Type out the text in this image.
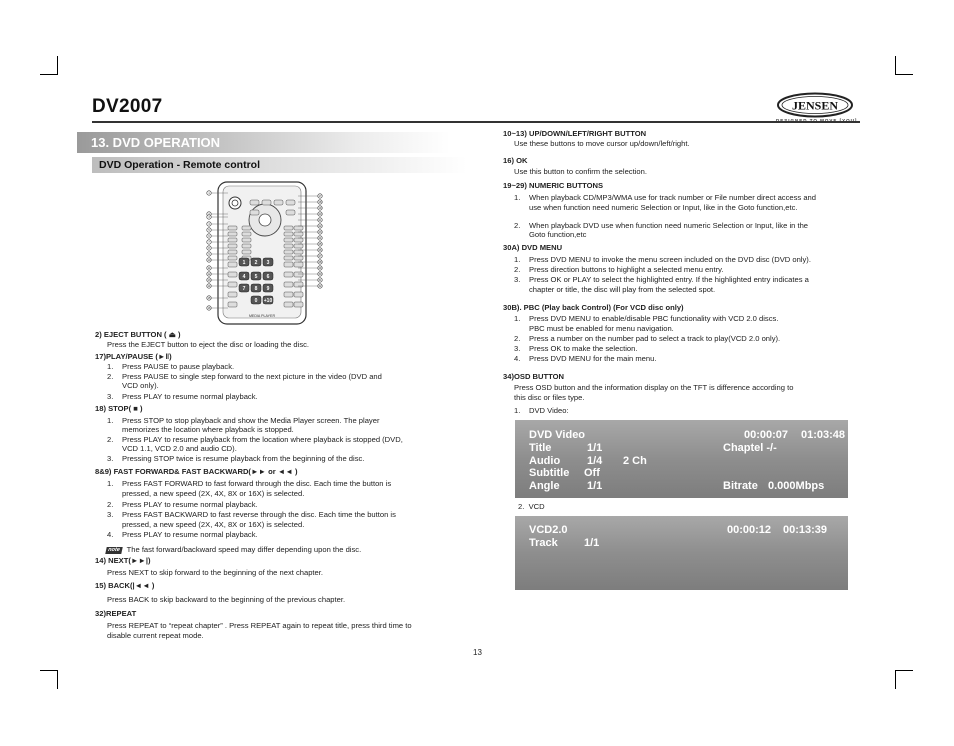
DV2007	JENSEN
DESIGNED TO MOVE [YOU]
13. DVD OPERATION
DVD Operation - Remote control
1 2 3
4 5 6
7 8 9
0 +10
MEDIA PLAYER
1
2
3
4
5
6
7
8
9
10
11
12
13
14
15
16
17
18
19
20
21
22
23
24
25
26
27
28
29
30
31
32
2) EJECT BUTTON ( ⏏ )
Press the EJECT button to eject the disc or loading the disc.
17)PLAY/PAUSE (►‖)
1. Press PAUSE to pause playback.
2. Press PAUSE to single step forward to the next picture in the video (DVD and
VCD only).
3. Press PLAY to resume normal playback.
18) STOP( ■ )
1. Press STOP to stop playback and show the Media Player screen. The player
memorizes the location where playback is stopped.
2. Press PLAY to resume playback from the location where playback is stopped (DVD,
VCD 1.1, VCD 2.0 and audio CD).
3. Pressing STOP twice is resume playback from the beginning of the disc.
8&9) FAST FORWARD& FAST BACKWARD(►► or ◄◄ )
1. Press FAST FORWARD to fast forward through the disc. Each time the button is
pressed, a new speed (2X, 4X, 8X or 16X) is selected.
2. Press PLAY to resume normal playback.
3. Press FAST BACKWARD to fast reverse through the disc. Each time the button is
pressed, a new speed (2X, 4X, 8X or 16X) is selected.
4. Press PLAY to resume normal playback.
note The fast forward/backward speed may differ depending upon the disc.
14) NEXT(►►|)
Press NEXT to skip forward to the beginning of the next chapter.
15) BACK(|◄◄ )
Press BACK to skip backward to the beginning of the previous chapter.
32)REPEAT
Press REPEAT to “repeat chapter” . Press REPEAT again to repeat title, press third time to
disable current repeat mode.
10~13) UP/DOWN/LEFT/RIGHT BUTTON
Use these buttons to move cursor up/down/left/right.
16) OK
Use this button to confirm the selection.
19~29) NUMERIC BUTTONS
1. When playback CD/MP3/WMA use for track number or File number direct access and
use when function need numeric Selection or Input, like in the Goto function,etc.
2. When playback DVD use when function need numeric Selection or Input, like in the
Goto function,etc
30A) DVD MENU
1. Press DVD MENU to invoke the menu screen included on the DVD disc (DVD only).
2. Press direction buttons to highlight a selected menu entry.
3. Press OK or PLAY to select the highlighted entry. If the highlighted entry indicates a
chapter or title, the disc will play from the selected spot.
30B). PBC (Play back Control) (For VCD disc only)
1. Press DVD MENU to enable/disable PBC functionality with VCD 2.0 discs.
PBC must be enabled for menu navigation.
2. Press a number on the number pad to select a track to play(VCD 2.0 only).
3. Press OK to make the selection.
4. Press DVD MENU for the main menu.
34)OSD BUTTON
Press OSD button and the information display on the TFT is difference according to
this disc or files type.
1. DVD Video:
DVD Video	00:00:07 01:03:48
Title	1/1	Chaptel -/-
Audio 1/4 2 Ch
Subtitle Off
Angle 1/1	Bitrate 0.000Mbps
2. VCD
VCD2.0	00:00:12 00:13:39
Track 1/1
13
